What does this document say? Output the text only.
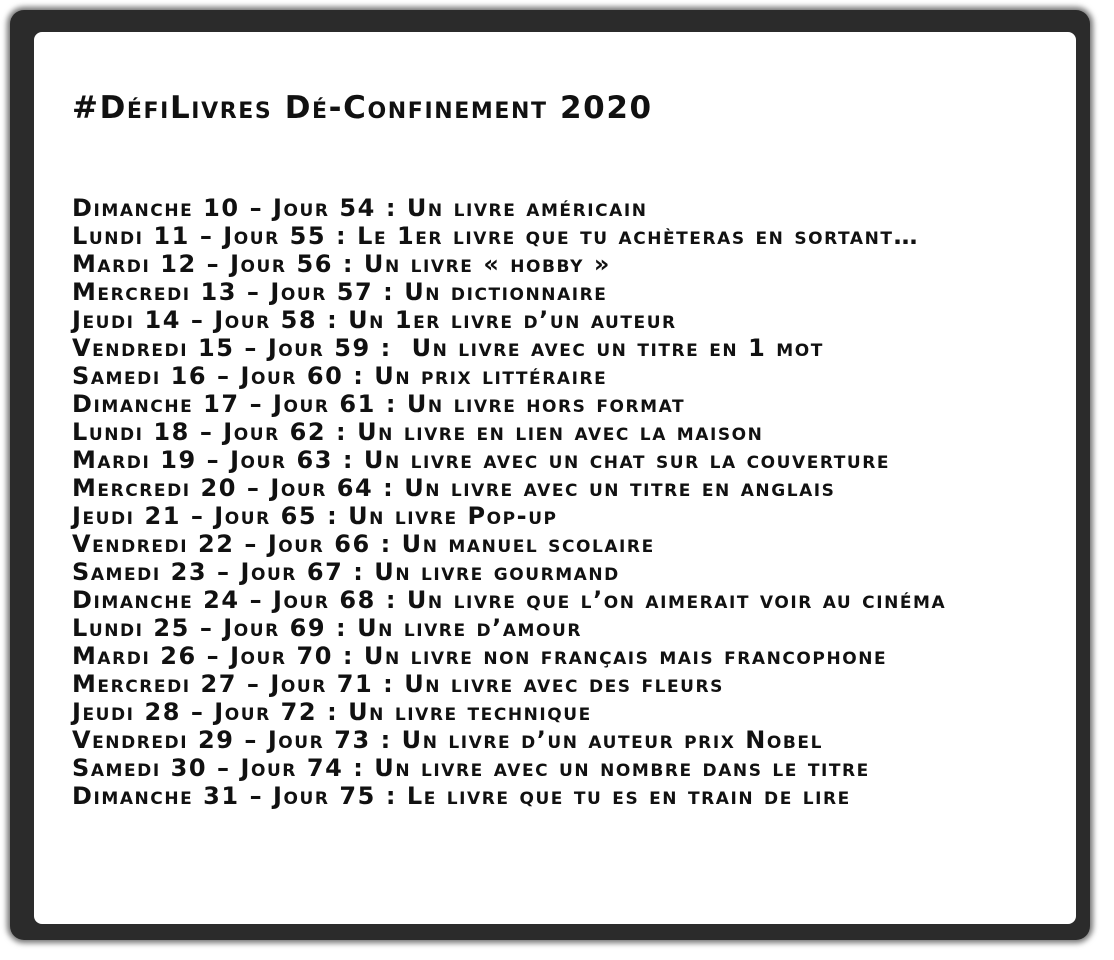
#DéfiLivres Dé-Confinement 2020
Dimanche 10 – Jour 54 : Un livre américain
Lundi 11 – Jour 55 : Le 1er livre que tu achèteras en sortant…
Mardi 12 – Jour 56 : Un livre « hobby »
Mercredi 13 – Jour 57 : Un dictionnaire
Jeudi 14 – Jour 58 : Un 1er livre d’un auteur
Vendredi 15 – Jour 59 :  Un livre avec un titre en 1 mot
Samedi 16 – Jour 60 : Un prix littéraire
Dimanche 17 – Jour 61 : Un livre hors format
Lundi 18 – Jour 62 : Un livre en lien avec la maison
Mardi 19 – Jour 63 : Un livre avec un chat sur la couverture
Mercredi 20 – Jour 64 : Un livre avec un titre en anglais
Jeudi 21 – Jour 65 : Un livre Pop-up
Vendredi 22 – Jour 66 : Un manuel scolaire
Samedi 23 – Jour 67 : Un livre gourmand
Dimanche 24 – Jour 68 : Un livre que l’on aimerait voir au cinéma
Lundi 25 – Jour 69 : Un livre d’amour
Mardi 26 – Jour 70 : Un livre non français mais francophone
Mercredi 27 – Jour 71 : Un livre avec des fleurs
Jeudi 28 – Jour 72 : Un livre technique
Vendredi 29 – Jour 73 : Un livre d’un auteur prix Nobel
Samedi 30 – Jour 74 : Un livre avec un nombre dans le titre
Dimanche 31 – Jour 75 : Le livre que tu es en train de lire
